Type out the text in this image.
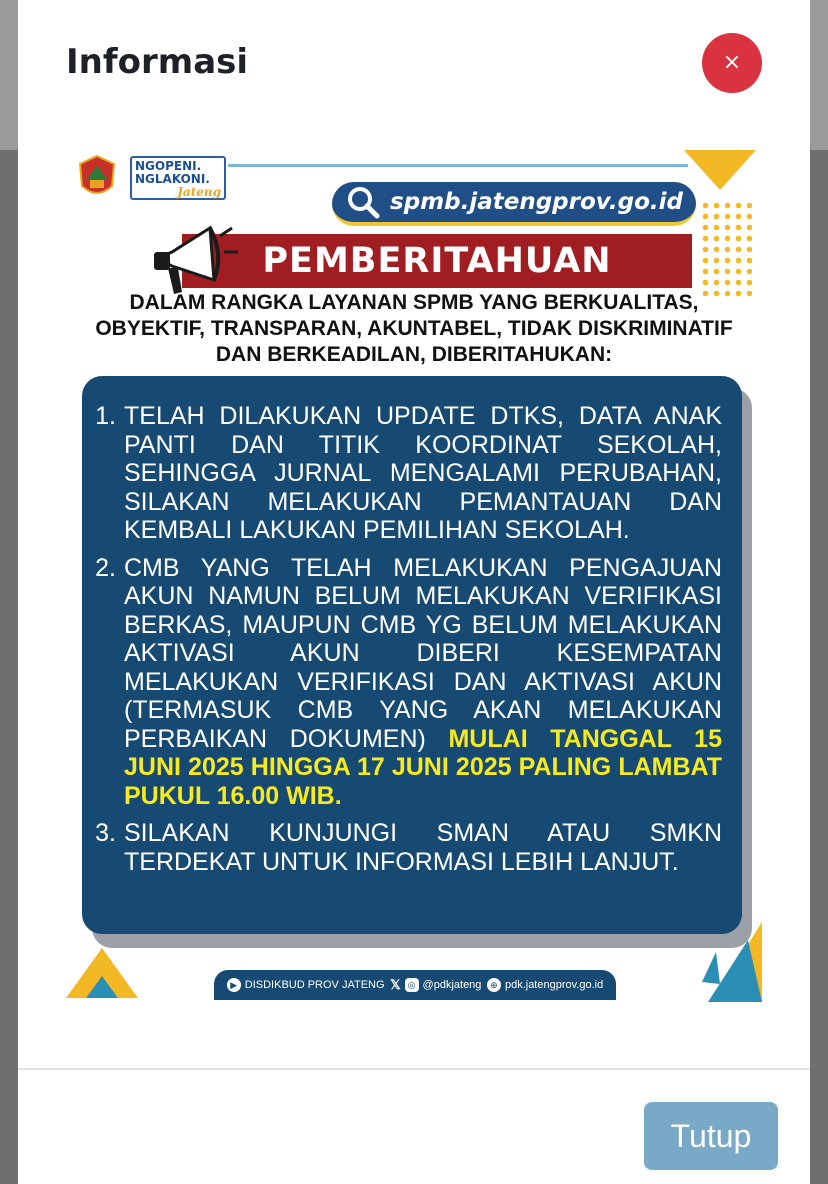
Informasi	×
NGOPENI.
NGLAKONI.
Jateng	spmb.jatengprov.go.id
PEMBERITAHUAN
DALAM RANGKA LAYANAN SPMB YANG BERKUALITAS, OBYEKTIF, TRANSPARAN, AKUNTABEL, TIDAK DISKRIMINATIF DAN BERKEADILAN, DIBERITAHUKAN:
1. TELAH DILAKUKAN UPDATE DTKS, DATA ANAK PANTI DAN TITIK KOORDINAT SEKOLAH, SEHINGGA JURNAL MENGALAMI PERUBAHAN, SILAKAN MELAKUKAN PEMANTAUAN DAN KEMBALI LAKUKAN PEMILIHAN SEKOLAH.
2. CMB YANG TELAH MELAKUKAN PENGAJUAN AKUN NAMUN BELUM MELAKUKAN VERIFIKASI BERKAS, MAUPUN CMB YG BELUM MELAKUKAN AKTIVASI AKUN DIBERI KESEMPATAN MELAKUKAN VERIFIKASI DAN AKTIVASI AKUN (TERMASUK CMB YANG AKAN MELAKUKAN PERBAIKAN DOKUMEN) MULAI TANGGAL 15 JUNI 2025 HINGGA 17 JUNI 2025 PALING LAMBAT PUKUL 16.00 WIB.
3. SILAKAN KUNJUNGI SMAN ATAU SMKN TERDEKAT UNTUK INFORMASI LEBIH LANJUT.
▶ DISDIKBUD PROV JATENG 𝕏 ◎ @pdkjateng ⊕ pdk.jatengprov.go.id
Tutup
